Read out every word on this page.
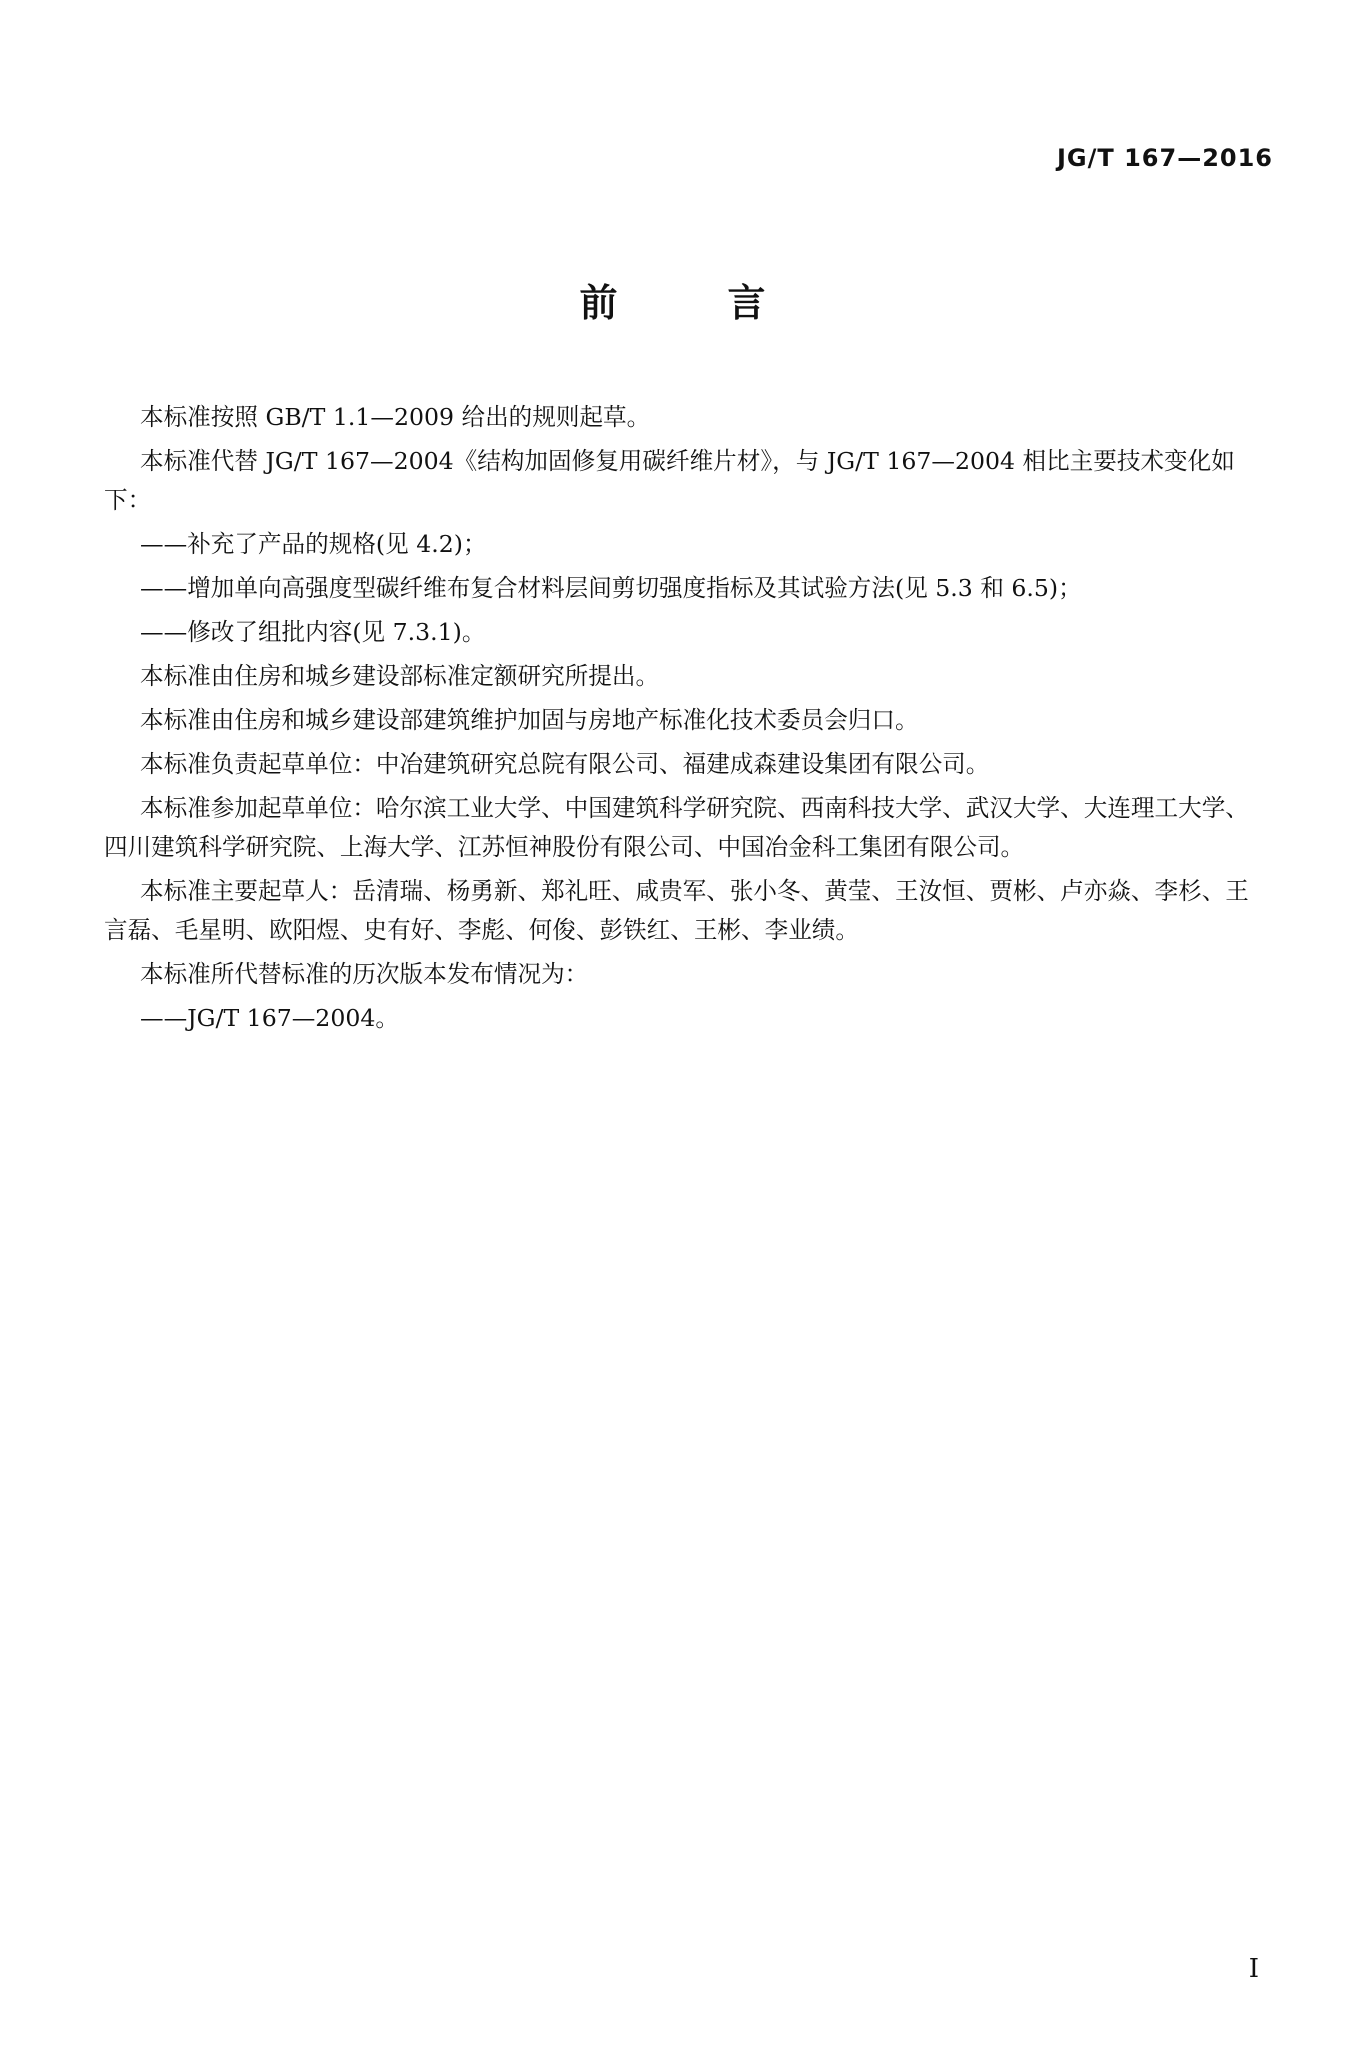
JG/T 167—2016
前　言

本标准按照 GB/T 1.1—2009 给出的规则起草。

本标准代替 JG/T 167—2004《结构加固修复用碳纤维片材》，与 JG/T 167—2004 相比主要技术变化如下：

——补充了产品的规格(见 4.2)；

——增加单向高强度型碳纤维布复合材料层间剪切强度指标及其试验方法(见 5.3 和 6.5)；

——修改了组批内容(见 7.3.1)。

本标准由住房和城乡建设部标准定额研究所提出。

本标准由住房和城乡建设部建筑维护加固与房地产标准化技术委员会归口。

本标准负责起草单位：中冶建筑研究总院有限公司、福建成森建设集团有限公司。

本标准参加起草单位：哈尔滨工业大学、中国建筑科学研究院、西南科技大学、武汉大学、大连理工大学、四川建筑科学研究院、上海大学、江苏恒神股份有限公司、中国冶金科工集团有限公司。

本标准主要起草人：岳清瑞、杨勇新、郑礼旺、咸贵军、张小冬、黄莹、王汝恒、贾彬、卢亦焱、李杉、王言磊、毛星明、欧阳煜、史有好、李彪、何俊、彭铁红、王彬、李业绩。

本标准所代替标准的历次版本发布情况为：

——JG/T 167—2004。

I
